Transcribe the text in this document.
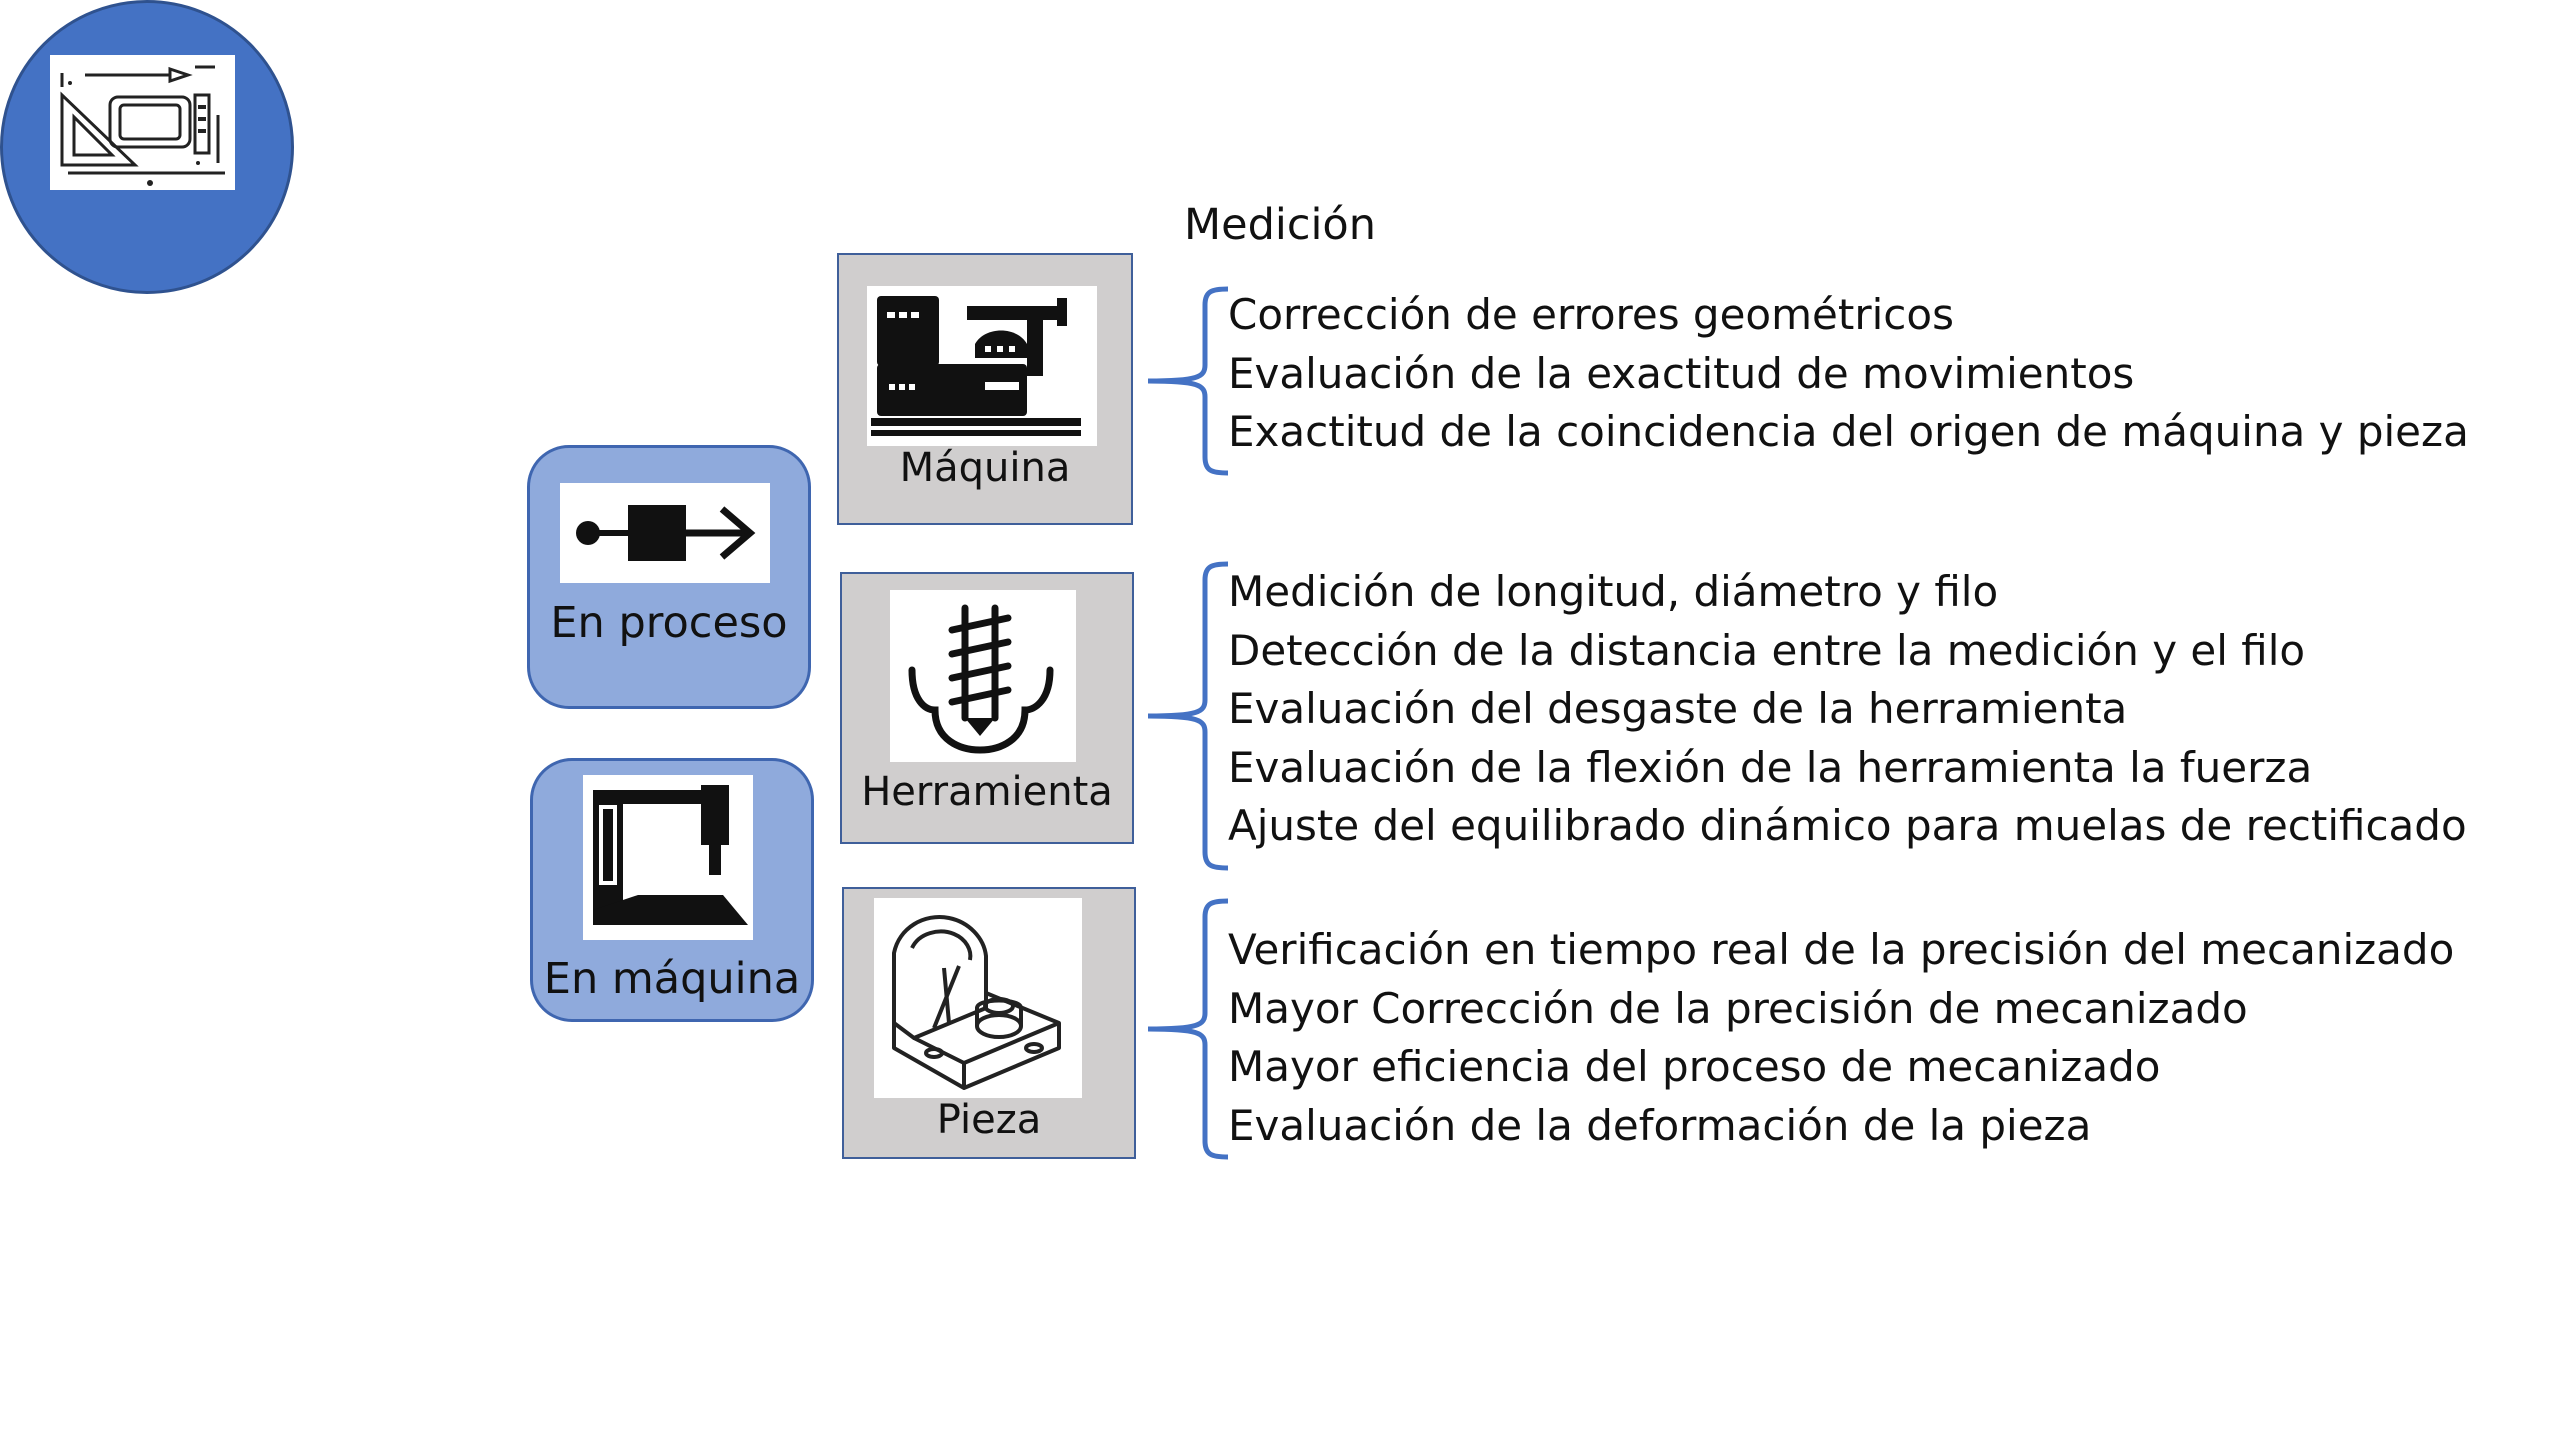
Medición
En proceso
En máquina
Máquina
Herramienta
Pieza
Corrección de errores geométricos
Evaluación de la exactitud de movimientos
Exactitud de la coincidencia del origen de máquina y pieza
Medición de longitud, diámetro y filo
Detección de la distancia entre la medición y el filo
Evaluación del desgaste de la herramienta
Evaluación de la flexión de la herramienta la fuerza
Ajuste del equilibrado dinámico para muelas de rectificado
Verificación en tiempo real de la precisión del mecanizado
Mayor Corrección de la precisión de mecanizado
Mayor eficiencia del proceso de mecanizado
Evaluación de la deformación de la pieza
